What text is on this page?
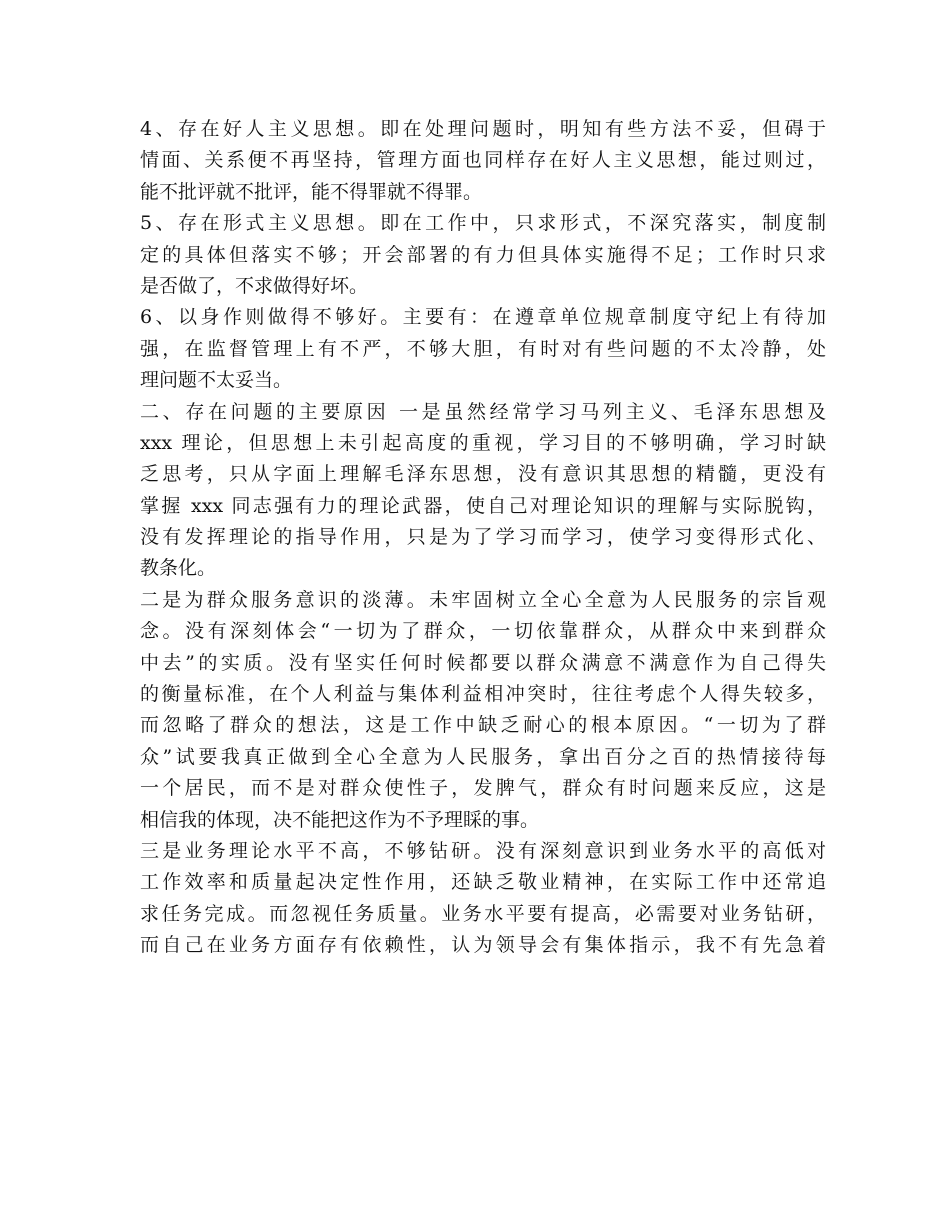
4、存在好人主义思想。即在处理问题时，明知有些方法不妥，但碍于
情面、关系便不再坚持，管理方面也同样存在好人主义思想，能过则过，
能不批评就不批评，能不得罪就不得罪。
5、存在形式主义思想。即在工作中，只求形式，不深究落实，制度制
定的具体但落实不够；开会部署的有力但具体实施得不足；工作时只求
是否做了，不求做得好坏。
6、以身作则做得不够好。主要有：在遵章单位规章制度守纪上有待加
强，在监督管理上有不严，不够大胆，有时对有些问题的不太冷静，处
理问题不太妥当。
二、存在问题的主要原因 一是虽然经常学习马列主义、毛泽东思想及
xxx 理论，但思想上未引起高度的重视，学习目的不够明确，学习时缺
乏思考，只从字面上理解毛泽东思想，没有意识其思想的精髓，更没有
掌握 xxx 同志强有力的理论武器，使自己对理论知识的理解与实际脱钩，
没有发挥理论的指导作用，只是为了学习而学习，使学习变得形式化、
教条化。
二是为群众服务意识的淡薄。未牢固树立全心全意为人民服务的宗旨观
念。没有深刻体会“一切为了群众，一切依靠群众，从群众中来到群众
中去”的实质。没有坚实任何时候都要以群众满意不满意作为自己得失
的衡量标准，在个人利益与集体利益相冲突时，往往考虑个人得失较多，
而忽略了群众的想法，这是工作中缺乏耐心的根本原因。“一切为了群
众”试要我真正做到全心全意为人民服务，拿出百分之百的热情接待每
一个居民，而不是对群众使性子，发脾气，群众有时问题来反应，这是
相信我的体现，决不能把这作为不予理睬的事。
三是业务理论水平不高，不够钻研。没有深刻意识到业务水平的高低对
工作效率和质量起决定性作用，还缺乏敬业精神，在实际工作中还常追
求任务完成。而忽视任务质量。业务水平要有提高，必需要对业务钻研，
而自己在业务方面存有依赖性，认为领导会有集体指示，我不有先急着
